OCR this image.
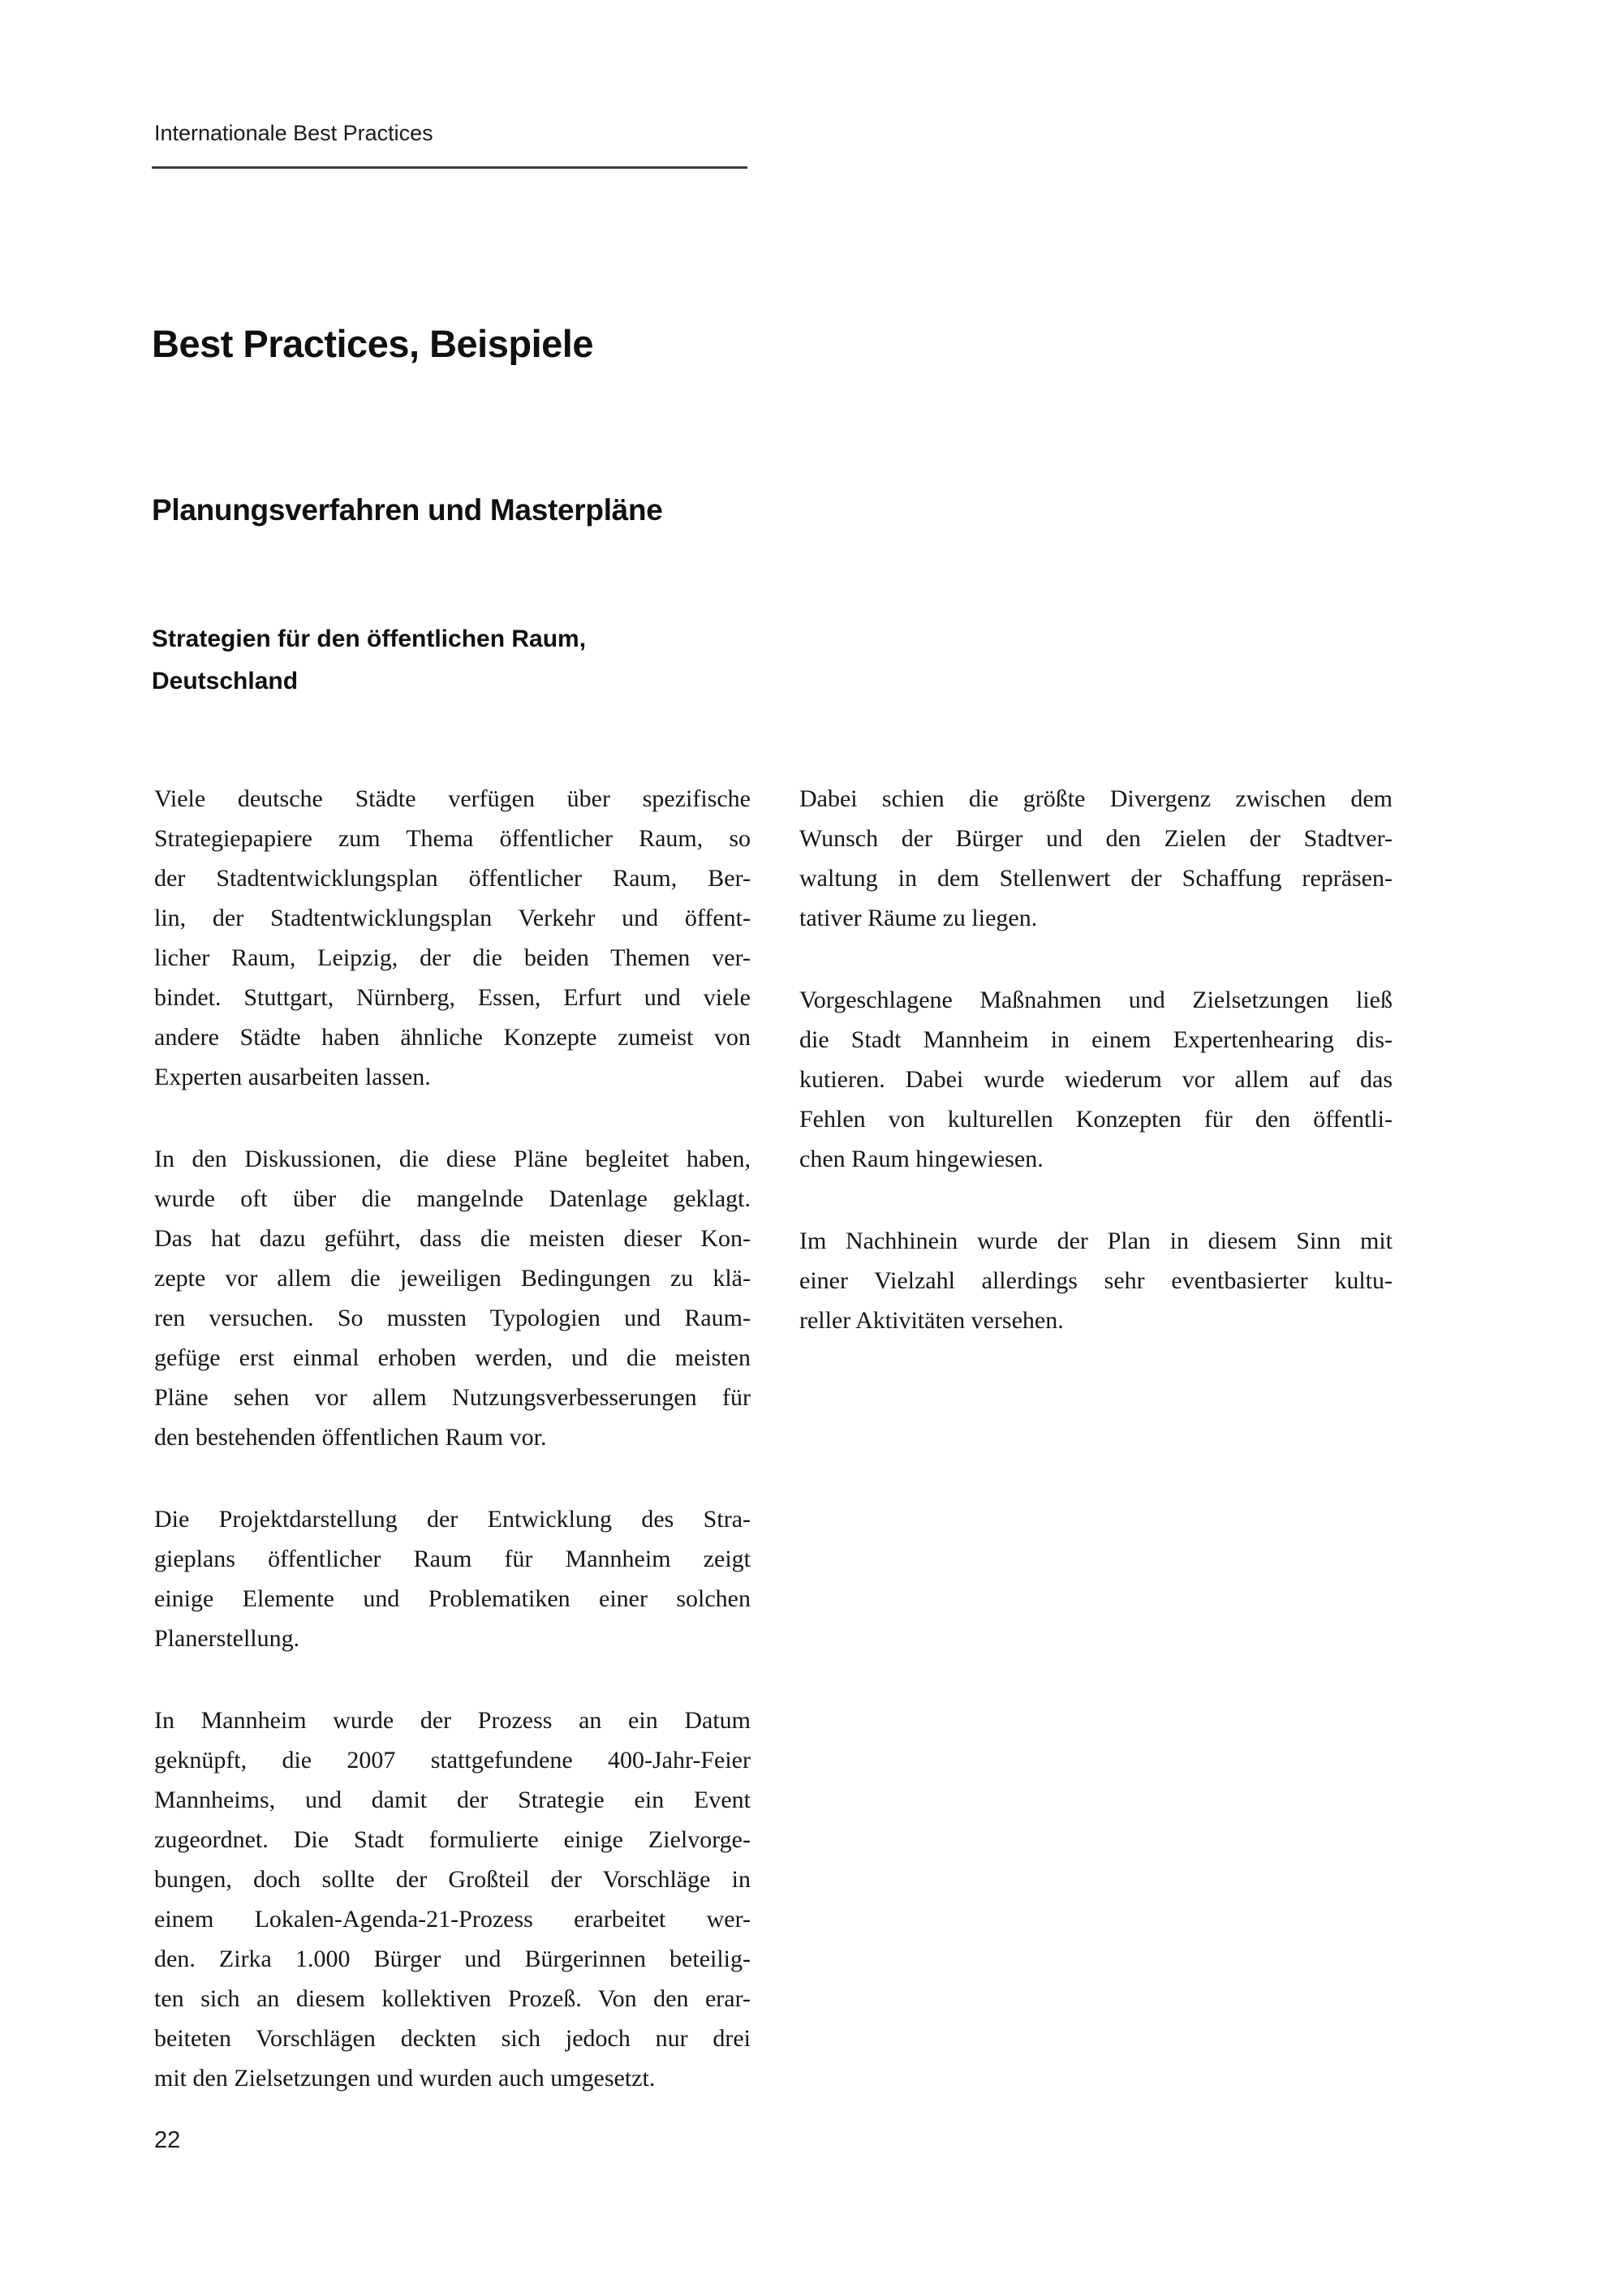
Internationale Best Practices
Best Practices, Beispiele
Planungsverfahren und Masterpläne
Strategien für den öffentlichen Raum,
Deutschland
Viele deutsche Städte verfügen über spezifische
Strategiepapiere zum Thema öffentlicher Raum, so
der Stadtentwicklungsplan öffentlicher Raum, Ber-
lin, der Stadtentwicklungsplan Verkehr und öffent-
licher Raum, Leipzig, der die beiden Themen ver-
bindet. Stuttgart, Nürnberg, Essen, Erfurt und viele
andere Städte haben ähnliche Konzepte zumeist von
Experten ausarbeiten lassen.
In den Diskussionen, die diese Pläne begleitet haben,
wurde oft über die mangelnde Datenlage geklagt.
Das hat dazu geführt, dass die meisten dieser Kon-
zepte vor allem die jeweiligen Bedingungen zu klä-
ren versuchen. So mussten Typologien und Raum-
gefüge erst einmal erhoben werden, und die meisten
Pläne sehen vor allem Nutzungsverbesserungen für
den bestehenden öffentlichen Raum vor.
Die Projektdarstellung der Entwicklung des Stra-
gieplans öffentlicher Raum für Mannheim zeigt
einige Elemente und Problematiken einer solchen
Planerstellung.
In Mannheim wurde der Prozess an ein Datum
geknüpft, die 2007 stattgefundene 400-Jahr-Feier
Mannheims, und damit der Strategie ein Event
zugeordnet. Die Stadt formulierte einige Zielvorge-
bungen, doch sollte der Großteil der Vorschläge in
einem Lokalen-Agenda-21-Prozess erarbeitet wer-
den. Zirka 1.000 Bürger und Bürgerinnen beteilig-
ten sich an diesem kollektiven Prozeß. Von den erar-
beiteten Vorschlägen deckten sich jedoch nur drei
mit den Zielsetzungen und wurden auch umgesetzt.
Dabei schien die größte Divergenz zwischen dem
Wunsch der Bürger und den Zielen der Stadtver-
waltung in dem Stellenwert der Schaffung repräsen-
tativer Räume zu liegen.
Vorgeschlagene Maßnahmen und Zielsetzungen ließ
die Stadt Mannheim in einem Expertenhearing dis-
kutieren. Dabei wurde wiederum vor allem auf das
Fehlen von kulturellen Konzepten für den öffentli-
chen Raum hingewiesen.
Im Nachhinein wurde der Plan in diesem Sinn mit
einer Vielzahl allerdings sehr eventbasierter kultu-
reller Aktivitäten versehen.
22
